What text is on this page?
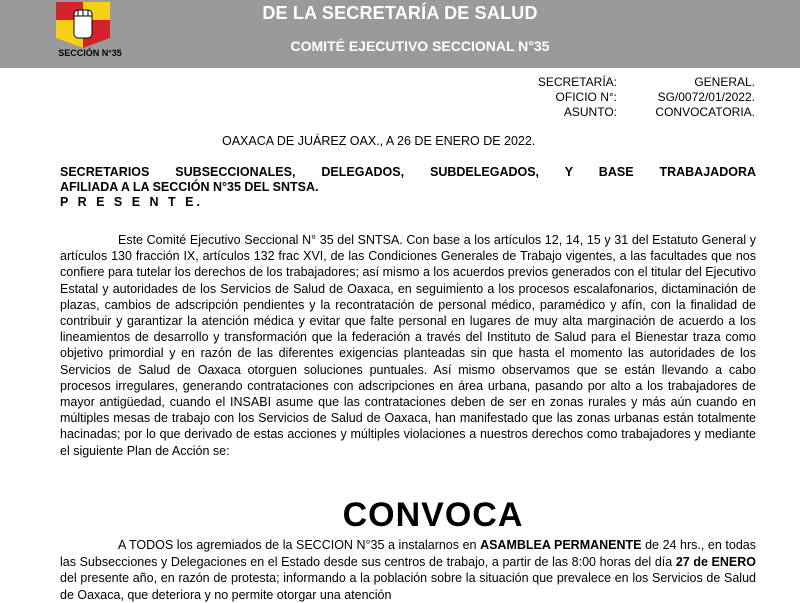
SECCIÓN N°35
DE LA SECRETARÍA DE SALUD
COMITÉ EJECUTIVO SECCIONAL N°35
SECRETARÍA:	GENERAL.
OFICIO N°:	SG/0072/01/2022.
ASUNTO:	CONVOCATORIA.
OAXACA DE JUÁREZ OAX., A 26 DE ENERO DE 2022.
SECRETARIOS SUBSECCIONALES, DELEGADOS, SUBDELEGADOS, Y BASE TRABAJADORA
AFILIADA A LA SECCIÓN N°35 DEL SNTSA.
P R E S E N T E.

Este Comité Ejecutivo Seccional N° 35 del SNTSA. Con base a los artículos 12, 14, 15 y 31 del Estatuto General y artículos 130 fracción IX, artículos 132 frac XVI, de las Condiciones Generales de Trabajo vigentes, a las facultades que nos confiere para tutelar los derechos de los trabajadores; así mismo a los acuerdos previos generados con el titular del Ejecutivo Estatal y autoridades de los Servicios de Salud de Oaxaca, en seguimiento a los procesos escalafonarios, dictaminación de plazas, cambios de adscripción pendientes y la recontratación de personal médico, paramédico y afín, con la finalidad de contribuir y garantizar la atención médica y evitar que falte personal en lugares de muy alta marginación de acuerdo a los lineamientos de desarrollo y transformación que la federación a través del Instituto de Salud para el Bienestar traza como objetivo primordial y en razón de las diferentes exigencias planteadas sin que hasta el momento las autoridades de los Servicios de Salud de Oaxaca otorguen soluciones puntuales. Así mismo observamos que se están llevando a cabo procesos irregulares, generando contrataciones con adscripciones en área urbana, pasando por alto a los trabajadores de mayor antigüedad, cuando el INSABI asume que las contrataciones deben de ser en zonas rurales y más aún cuando en múltiples mesas de trabajo con los Servicios de Salud de Oaxaca, han manifestado que las zonas urbanas están totalmente hacinadas; por lo que derivado de estas acciones y múltiples violaciones a nuestros derechos como trabajadores y mediante el siguiente Plan de Acción se:

CONVOCA

A TODOS los agremiados de la SECCION N°35 a instalarnos en ASAMBLEA PERMANENTE de 24 hrs., en todas las Subsecciones y Delegaciones en el Estado desde sus centros de trabajo, a partir de las 8:00 horas del día 27 de ENERO del presente año, en razón de protesta; informando a la población sobre la situación que prevalece en los Servicios de Salud de Oaxaca, que deteriora y no permite otorgar una atención
